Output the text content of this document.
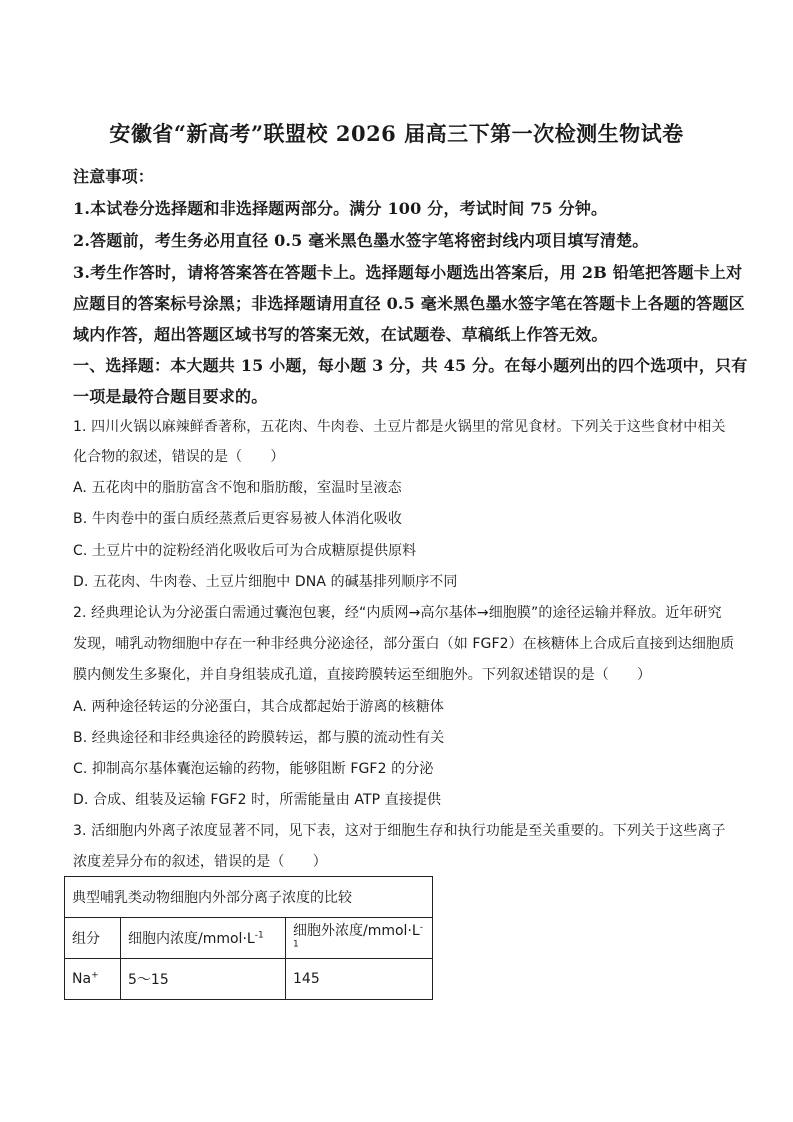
安徽省“新高考”联盟校 2026 届高三下第一次检测生物试卷
注意事项：
1.本试卷分选择题和非选择题两部分。满分 100 分，考试时间 75 分钟。
2.答题前，考生务必用直径 0.5 毫米黑色墨水签字笔将密封线内项目填写清楚。
3.考生作答时，请将答案答在答题卡上。选择题每小题选出答案后，用 2B 铅笔把答题卡上对
应题目的答案标号涂黑；非选择题请用直径 0.5 毫米黑色墨水签字笔在答题卡上各题的答题区
域内作答，超出答题区域书写的答案无效，在试题卷、草稿纸上作答无效。
一、选择题：本大题共 15 小题，每小题 3 分，共 45 分。在每小题列出的四个选项中，只有
一项是最符合题目要求的。
1. 四川火锅以麻辣鲜香著称，五花肉、牛肉卷、土豆片都是火锅里的常见食材。下列关于这些食材中相关
化合物的叙述，错误的是（　　）
A. 五花肉中的脂肪富含不饱和脂肪酸，室温时呈液态
B. 牛肉卷中的蛋白质经蒸煮后更容易被人体消化吸收
C. 土豆片中的淀粉经消化吸收后可为合成糖原提供原料
D. 五花肉、牛肉卷、土豆片细胞中 DNA 的碱基排列顺序不同
2. 经典理论认为分泌蛋白需通过囊泡包裹，经“内质网→高尔基体→细胞膜”的途径运输并释放。近年研究
发现，哺乳动物细胞中存在一种非经典分泌途径，部分蛋白（如 FGF2）在核糖体上合成后直接到达细胞质
膜内侧发生多聚化，并自身组装成孔道，直接跨膜转运至细胞外。下列叙述错误的是（　　）
A. 两种途径转运的分泌蛋白，其合成都起始于游离的核糖体
B. 经典途径和非经典途径的跨膜转运，都与膜的流动性有关
C. 抑制高尔基体囊泡运输的药物，能够阻断 FGF2 的分泌
D. 合成、组装及运输 FGF2 时，所需能量由 ATP 直接提供
3. 活细胞内外离子浓度显著不同，见下表，这对于细胞生存和执行功能是至关重要的。下列关于这些离子
浓度差异分布的叙述，错误的是（　　）
典型哺乳类动物细胞内外部分离子浓度的比较		
组分	细胞内浓度$/mmol\cdot L^{-1}$	细胞外浓度$/mmol\cdot L^{-1}$
Na+	5～15	145
